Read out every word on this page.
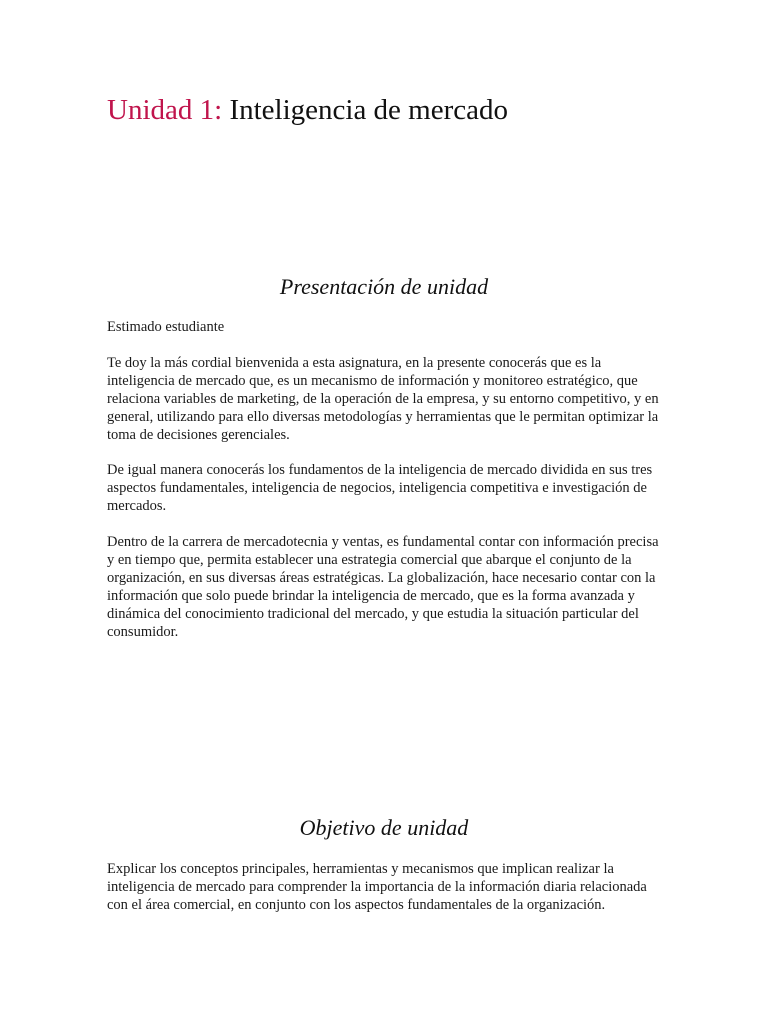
Unidad 1: Inteligencia de mercado
Presentación de unidad

Estimado estudiante

Te doy la más cordial bienvenida a esta asignatura, en la presente conocerás que es la inteligencia de mercado que, es un mecanismo de información y monitoreo estratégico, que relaciona variables de marketing, de la operación de la empresa, y su entorno competitivo, y en general, utilizando para ello diversas metodologías y herramientas que le permitan optimizar la toma de decisiones gerenciales.

De igual manera conocerás los fundamentos de la inteligencia de mercado dividida en sus tres aspectos fundamentales, inteligencia de negocios, inteligencia competitiva e investigación de mercados.

Dentro de la carrera de mercadotecnia y ventas, es fundamental contar con información precisa y en tiempo que, permita establecer una estrategia comercial que abarque el conjunto de la organización, en sus diversas áreas estratégicas. La globalización, hace necesario contar con la información que solo puede brindar la inteligencia de mercado, que es la forma avanzada y dinámica del conocimiento tradicional del mercado, y que estudia la situación particular del consumidor.

Objetivo de unidad

Explicar los conceptos principales, herramientas y mecanismos que implican realizar la inteligencia de mercado para comprender la importancia de la información diaria relacionada con el área comercial, en conjunto con los aspectos fundamentales de la organización.
